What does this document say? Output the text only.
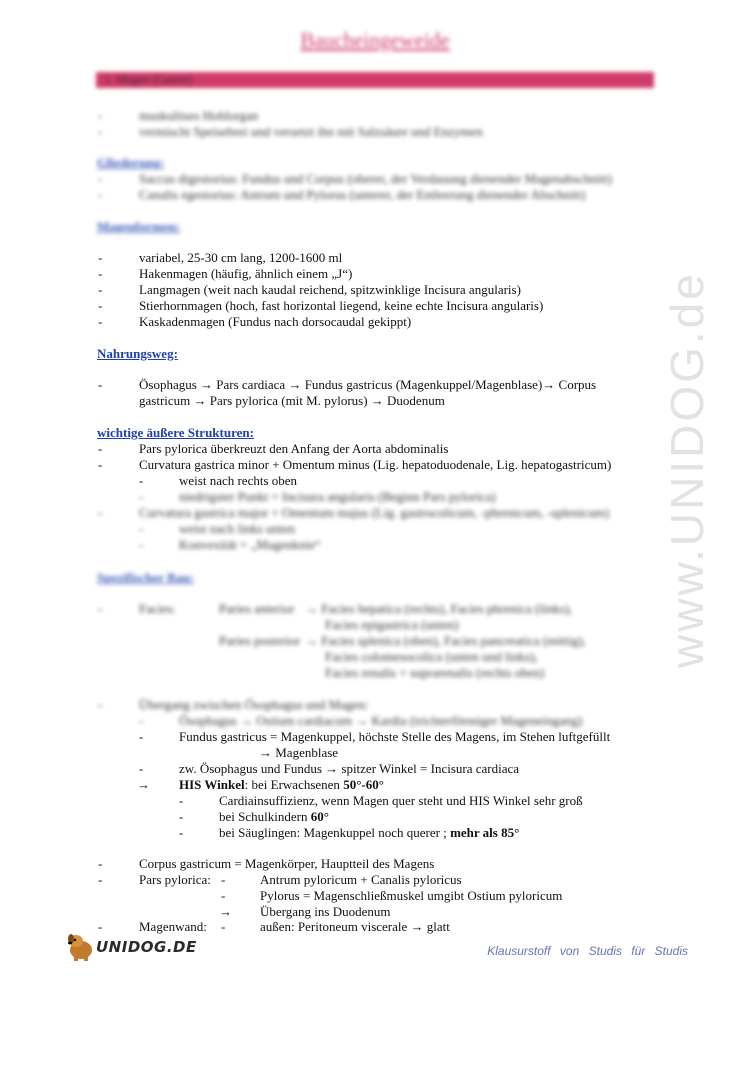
Baucheingeweide
1. Magen (Gaster)
-	muskulöses Hohlorgan
-	vermischt Speisebrei und versetzt ihn mit Salzsäure und Enzymen
Gliederung:
-	Saccus digestorius: Fundus und Corpus (oberer, der Verdauung dienender Magenabschnitt)
-	Canalis egestorius: Antrum und Pylorus (unterer, der Entleerung dienender Abschnitt)
Magenformen:
-	variabel, 25-30 cm lang, 1200-1600 ml
-	Hakenmagen (häufig, ähnlich einem „J“)
-	Langmagen (weit nach kaudal reichend, spitzwinklige Incisura angularis)
-	Stierhornmagen (hoch, fast horizontal liegend, keine echte Incisura angularis)
-	Kaskadenmagen (Fundus nach dorsocaudal gekippt)
Nahrungsweg:
-	Ösophagus → Pars cardiaca → Fundus gastricus (Magenkuppel/Magenblase)→ Corpus
gastricum → Pars pylorica (mit M. pylorus) → Duodenum
wichtige äußere Strukturen:
-	Pars pylorica überkreuzt den Anfang der Aorta abdominalis
-	Curvatura gastrica minor + Omentum minus (Lig. hepatoduodenale, Lig. hepatogastricum)
-	weist nach rechts oben
-	niedrigster Punkt = Incisura angularis (Beginn Pars pylorica)
-	Curvatura gastrica major + Omentum majus (Lig. gastrocolicum, -phrenicum, -splenicum)
-	weist nach links unten
-	Konvexität = „Magenknie“
Spezifischer Bau:
-	Facies:	Paries anterior → Facies hepatica (rechts), Facies phrenica (links),
Facies epigastrica (unten)
Paries posterior → Facies splenica (oben), Facies pancreatica (mittig),
Facies colomesocolica (unten und links),
Facies renalis + suprarenalis (rechts oben)
-	Übergang zwischen Ösophagus und Magen:
-	Ösophagus → Ostium cardiacum → Kardia (trichterförmiger Mageneingang)
-	Fundus gastricus = Magenkuppel, höchste Stelle des Magens, im Stehen luftgefüllt
→ Magenblase
-	zw. Ösophagus und Fundus → spitzer Winkel = Incisura cardiaca
→ HIS Winkel: bei Erwachsenen 50°-60°
-	Cardiainsuffizienz, wenn Magen quer steht und HIS Winkel sehr groß
-	bei Schulkindern 60°
-	bei Säuglingen: Magenkuppel noch querer ; mehr als 85°
-	Corpus gastricum = Magenkörper, Hauptteil des Magens
-	Pars pylorica: -	Antrum pyloricum + Canalis pyloricus
-	Pylorus = Magenschließmuskel umgibt Ostium pyloricum
→ Übergang ins Duodenum
-	Magenwand: -	außen: Peritoneum viscerale → glatt
www.UNIDOG.de
UNIDOG.DE	Klausurstoff von Studis für Studis
